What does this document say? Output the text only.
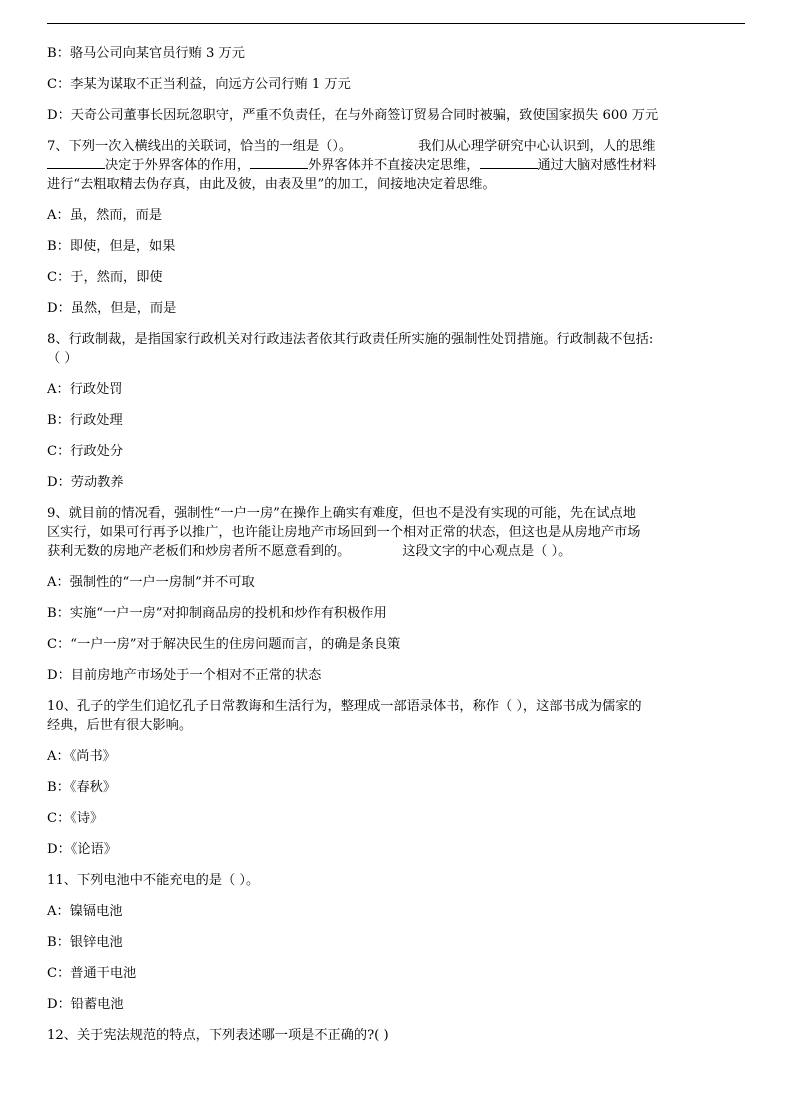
B：骆马公司向某官员行贿 3 万元
C：李某为谋取不正当利益，向远方公司行贿 1 万元
D：天奇公司董事长因玩忽职守，严重不负责任，在与外商签订贸易合同时被骗，致使国家损失 600 万元
7、下列一次入横线出的关联词，恰当的一组是（）。	我们从心理学研究中心认识到，人的思维
决定于外界客体的作用，	外界客体并不直接决定思维，	通过大脑对感性材料
进行“去粗取精去伪存真，由此及彼，由表及里”的加工，间接地决定着思维。
A：虽，然而，而是
B：即使，但是，如果
C：于，然而，即使
D：虽然，但是，而是
8、行政制裁，是指国家行政机关对行政违法者依其行政责任所实施的强制性处罚措施。行政制裁不包括:
（ ）
A：行政处罚
B：行政处理
C：行政处分
D：劳动教养
9、就目前的情况看，强制性“一户一房”在操作上确实有难度，但也不是没有实现的可能，先在试点地
区实行，如果可行再予以推广，也许能让房地产市场回到一个相对正常的状态，但这也是从房地产市场
获利无数的房地产老板们和炒房者所不愿意看到的。	这段文字的中心观点是（ ）。
A：强制性的“一户一房制”并不可取
B：实施“一户一房”对抑制商品房的投机和炒作有积极作用
C：“一户一房”对于解决民生的住房问题而言，的确是条良策
D：目前房地产市场处于一个相对不正常的状态
10、孔子的学生们追忆孔子日常教诲和生活行为，整理成一部语录体书，称作（ ），这部书成为儒家的
经典，后世有很大影响。
A：《尚书》
B：《春秋》
C：《诗》
D：《论语》
11、下列电池中不能充电的是（ ）。
A：镍镉电池
B：银锌电池
C：普通干电池
D：铅蓄电池
12、关于宪法规范的特点，下列表述哪一项是不正确的?( )
